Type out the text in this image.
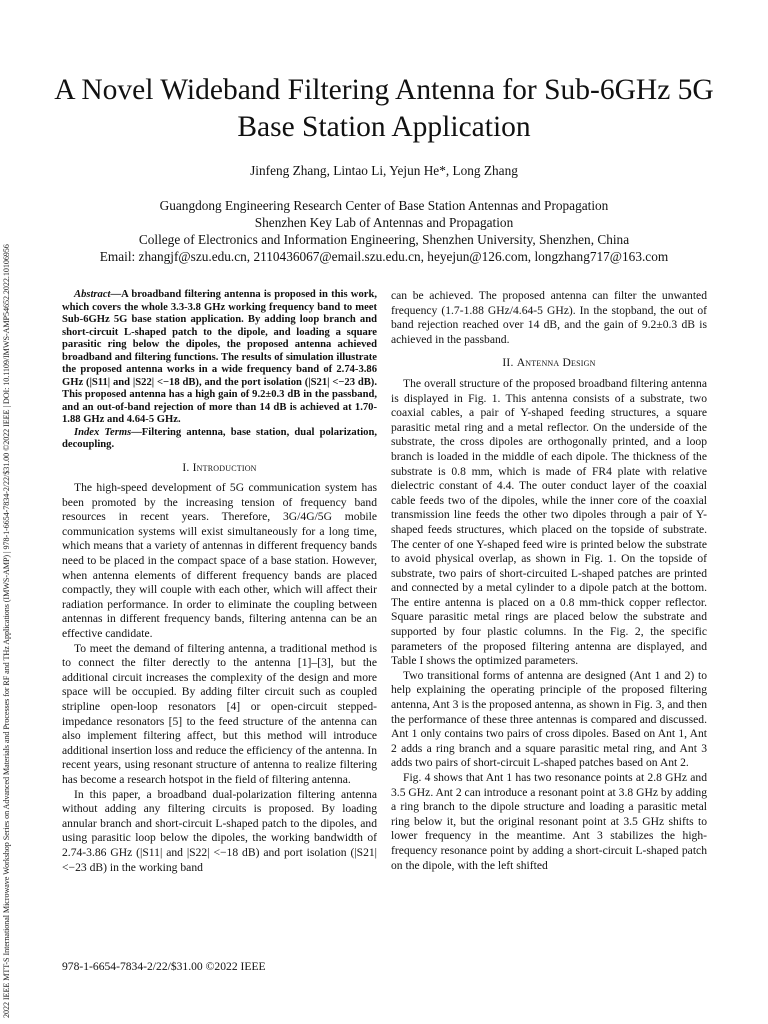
2022 IEEE MTT-S International Microwave Workshop Series on Advanced Materials and Processes for RF and THz Applications (IMWS-AMP) | 978-1-6654-7834-2/22/$31.00 ©2022 IEEE | DOI: 10.1109/IMWS-AMP54652.2022.10106956
A Novel Wideband Filtering Antenna for Sub-6GHz 5G Base Station Application
Jinfeng Zhang, Lintao Li, Yejun He*, Long Zhang
Guangdong Engineering Research Center of Base Station Antennas and Propagation
Shenzhen Key Lab of Antennas and Propagation
College of Electronics and Information Engineering, Shenzhen University, Shenzhen, China
Email: zhangjf@szu.edu.cn, 2110436067@email.szu.edu.cn, heyejun@126.com, longzhang717@163.com

Abstract—A broadband filtering antenna is proposed in this work, which covers the whole 3.3-3.8 GHz working frequency band to meet Sub-6GHz 5G base station application. By adding loop branch and short-circuit L-shaped patch to the dipole, and loading a square parasitic ring below the dipoles, the proposed antenna achieved broadband and filtering functions. The results of simulation illustrate the proposed antenna works in a wide frequency band of 2.74-3.86 GHz (|S11| and |S22| <−18 dB), and the port isolation (|S21| <−23 dB). This proposed antenna has a high gain of 9.2±0.3 dB in the passband, and an out-of-band rejection of more than 14 dB is achieved at 1.70-1.88 GHz and 4.64-5 GHz.

Index Terms—Filtering antenna, base station, dual polarization, decoupling.

I. Introduction

The high-speed development of 5G communication system has been promoted by the increasing tension of frequency band resources in recent years. Therefore, 3G/4G/5G mobile communication systems will exist simultaneously for a long time, which means that a variety of antennas in different frequency bands need to be placed in the compact space of a base station. However, when antenna elements of different frequency bands are placed compactly, they will couple with each other, which will affect their radiation performance. In order to eliminate the coupling between antennas in different frequency bands, filtering antenna can be an effective candidate.

To meet the demand of filtering antenna, a traditional method is to connect the filter derectly to the antenna [1]–[3], but the additional circuit increases the complexity of the design and more space will be occupied. By adding filter circuit such as coupled stripline open-loop resonators [4] or open-circuit stepped-impedance resonators [5] to the feed structure of the antenna can also implement filtering affect, but this method will introduce additional insertion loss and reduce the efficiency of the antenna. In recent years, using resonant structure of antenna to realize filtering has become a research hotspot in the field of filtering antenna.

In this paper, a broadband dual-polarization filtering antenna without adding any filtering circuits is proposed. By loading annular branch and short-circuit L-shaped patch to the dipoles, and using parasitic loop below the dipoles, the working bandwidth of 2.74-3.86 GHz (|S11| and |S22| <−18 dB) and port isolation (|S21| <−23 dB) in the working band

can be achieved. The proposed antenna can filter the unwanted frequency (1.7-1.88 GHz/4.64-5 GHz). In the stopband, the out of band rejection reached over 14 dB, and the gain of 9.2±0.3 dB is achieved in the passband.

II. Antenna Design

The overall structure of the proposed broadband filtering antenna is displayed in Fig. 1. This antenna consists of a substrate, two coaxial cables, a pair of Y-shaped feeding structures, a square parasitic metal ring and a metal reflector. On the underside of the substrate, the cross dipoles are orthogonally printed, and a loop branch is loaded in the middle of each dipole. The thickness of the substrate is 0.8 mm, which is made of FR4 plate with relative dielectric constant of 4.4. The outer conduct layer of the coaxial cable feeds two of the dipoles, while the inner core of the coaxial transmission line feeds the other two dipoles through a pair of Y-shaped feeds structures, which placed on the topside of substrate. The center of one Y-shaped feed wire is printed below the substrate to avoid physical overlap, as shown in Fig. 1. On the topside of substrate, two pairs of short-circuited L-shaped patches are printed and connected by a metal cylinder to a dipole patch at the bottom. The entire antenna is placed on a 0.8 mm-thick copper reflector. Square parasitic metal rings are placed below the substrate and supported by four plastic columns. In the Fig. 2, the specific parameters of the proposed filtering antenna are displayed, and Table I shows the optimized parameters.

Two transitional forms of antenna are designed (Ant 1 and 2) to help explaining the operating principle of the proposed filtering antenna, Ant 3 is the proposed antenna, as shown in Fig. 3, and then the performance of these three antennas is compared and discussed. Ant 1 only contains two pairs of cross dipoles. Based on Ant 1, Ant 2 adds a ring branch and a square parasitic metal ring, and Ant 3 adds two pairs of short-circuit L-shaped patches based on Ant 2.

Fig. 4 shows that Ant 1 has two resonance points at 2.8 GHz and 3.5 GHz. Ant 2 can introduce a resonant point at 3.8 GHz by adding a ring branch to the dipole structure and loading a parasitic metal ring below it, but the original resonant point at 3.5 GHz shifts to lower frequency in the meantime. Ant 3 stabilizes the high-frequency resonance point by adding a short-circuit L-shaped patch on the dipole, with the left shifted

978-1-6654-7834-2/22/$31.00 ©2022 IEEE
